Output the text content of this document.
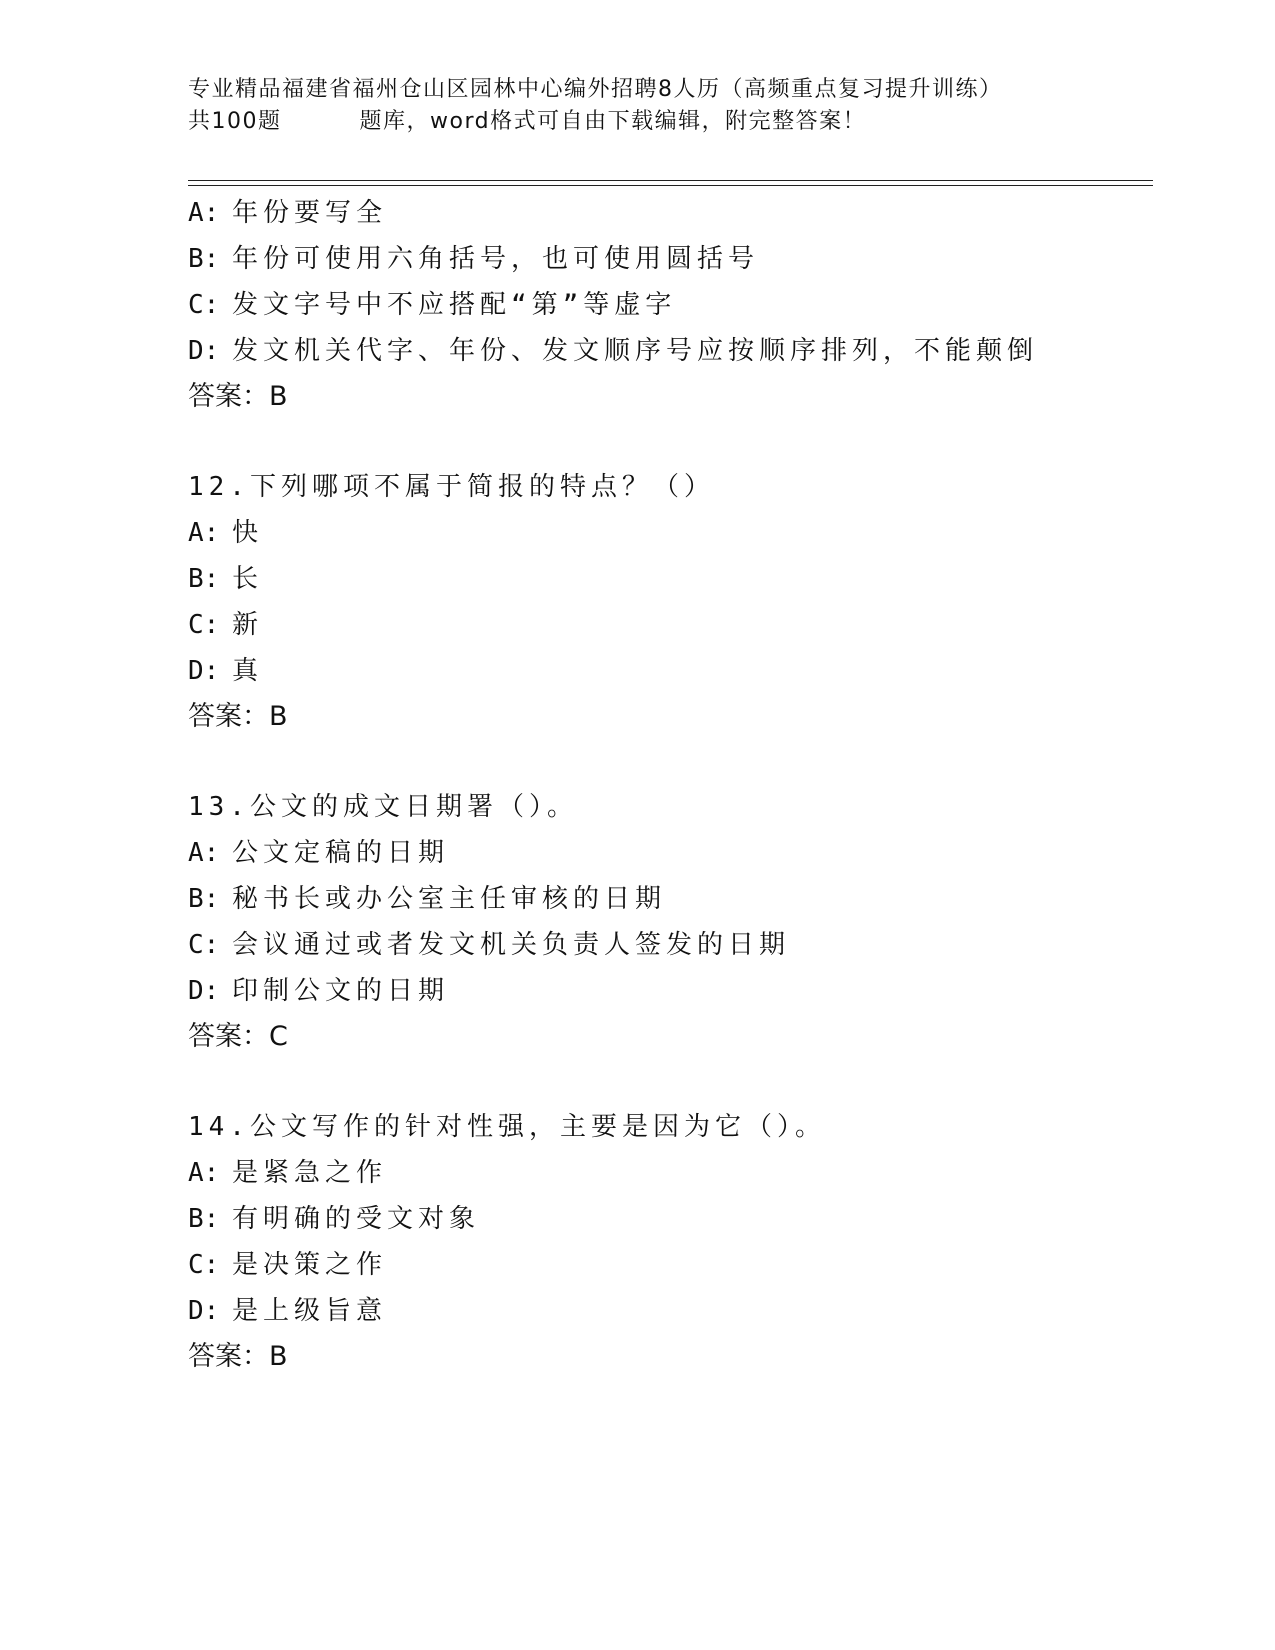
专业精品福建省福州仓山区园林中心编外招聘8人历（高频重点复习提升训练）
共100题	题库，word格式可自由下载编辑，附完整答案！
A: 年份要写全
B: 年份可使用六角括号，也可使用圆括号
C: 发文字号中不应搭配“第”等虚字
D: 发文机关代字、年份、发文顺序号应按顺序排列，不能颠倒
答案：B
12.下列哪项不属于简报的特点？（）
A: 快
B: 长
C: 新
D: 真
答案：B
13.公文的成文日期署（）。
A: 公文定稿的日期
B: 秘书长或办公室主任审核的日期
C: 会议通过或者发文机关负责人签发的日期
D: 印制公文的日期
答案：C
14.公文写作的针对性强，主要是因为它（）。
A: 是紧急之作
B: 有明确的受文对象
C: 是决策之作
D: 是上级旨意
答案：B
